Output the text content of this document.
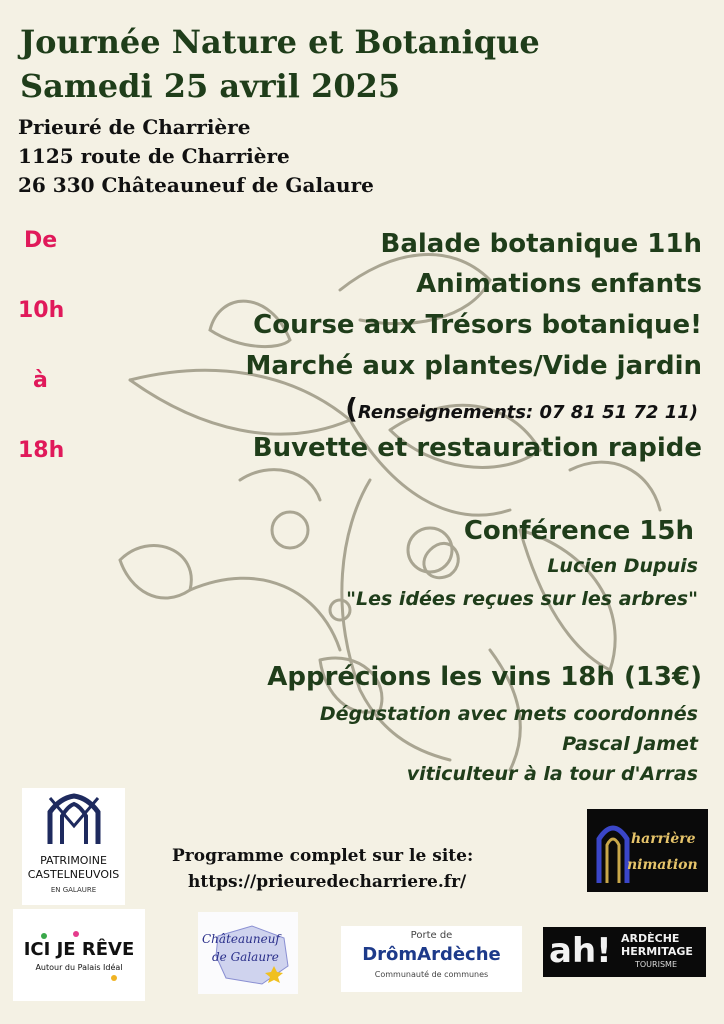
Journée Nature et Botanique
Samedi 25 avril 2025
Prieuré de Charrière
1125 route de Charrière
26 330 Châteauneuf de Galaure
De
10h
à
18h
Balade botanique 11h
Animations enfants
Course aux Trésors botanique!
Marché aux plantes/Vide jardin
(Renseignements: 07 81 51 72 11)
Buvette et restauration rapide
Conférence 15h
Lucien Dupuis
"Les idées reçues sur les arbres"
Apprécions les vins 18h (13€)
Dégustation avec mets coordonnés
Pascal Jamet
viticulteur à la tour d'Arras
Programme complet sur le site:
https://prieuredecharriere.fr/
PATRIMOINE
CASTELNEUVOIS
EN GALAURE
harrière
nimation
ICI JE RÊVE
Autour du Palais Idéal
Châteauneuf
de Galaure
Porte de
DrômArdèche
Communauté de communes
ah! ARDÈCHE
HERMITAGE
TOURISME
